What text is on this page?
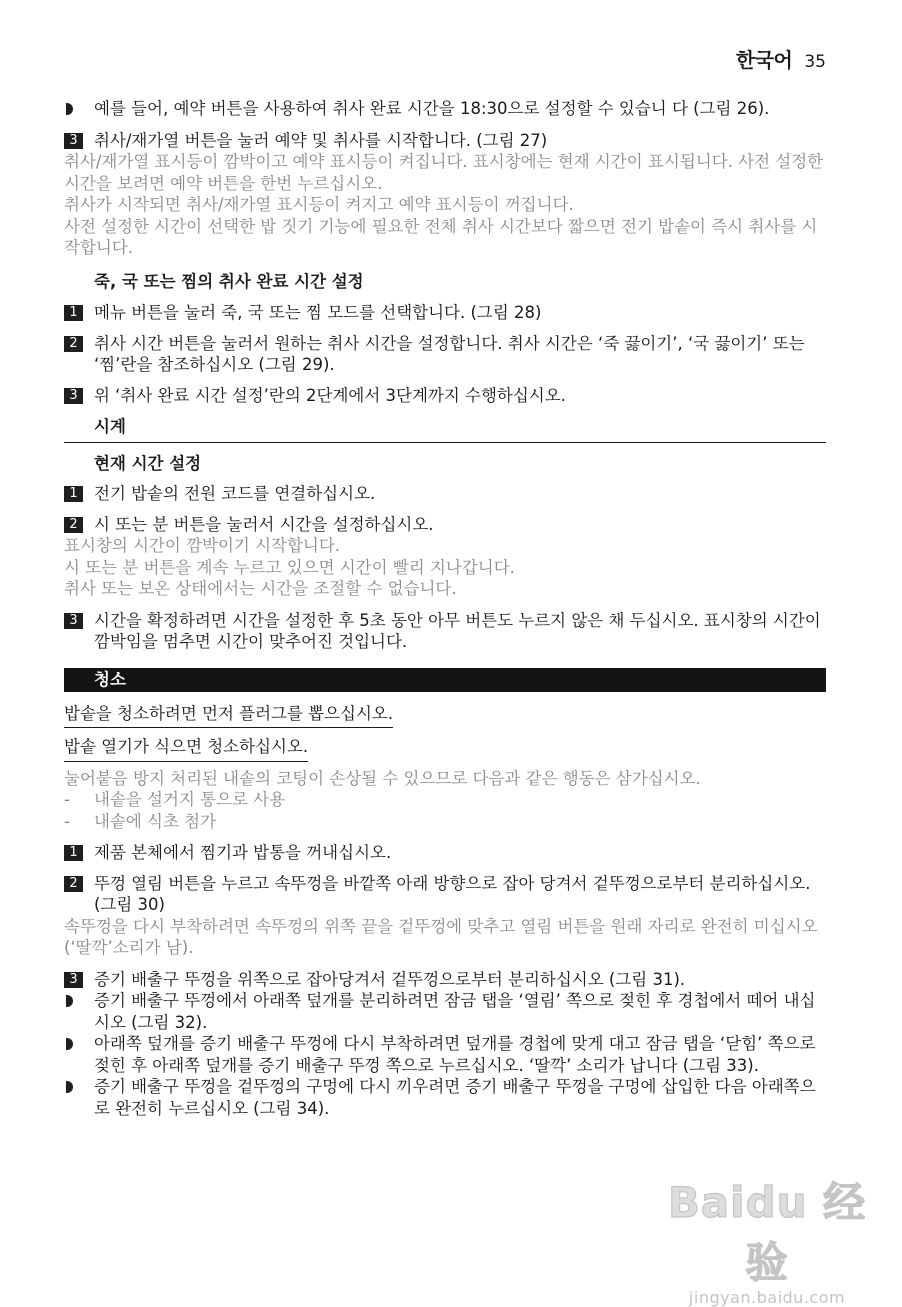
한국어 35
예를 들어, 예약 버튼을 사용하여 취사 완료 시간을 18:30으로 설정할 수 있습니 다 (그림 26).
3 취사/재가열 버튼을 눌러 예약 및 취사를 시작합니다. (그림 27)
취사/재가열 표시등이 깜박이고 예약 표시등이 켜집니다. 표시창에는 현재 시간이 표시됩니다. 사전 설정한 시간을 보려면 예약 버튼을 한번 누르십시오.
취사가 시작되면 취사/재가열 표시등이 켜지고 예약 표시등이 꺼집니다.
사전 설정한 시간이 선택한 밥 짓기 기능에 필요한 전체 취사 시간보다 짧으면 전기 밥솥이 즉시 취사를 시작합니다.
죽, 국 또는 찜의 취사 완료 시간 설정
1 메뉴 버튼을 눌러 죽, 국 또는 찜 모드를 선택합니다. (그림 28)
2 취사 시간 버튼을 눌러서 원하는 취사 시간을 설정합니다. 취사 시간은 ‘죽 끓이기’, ‘국 끓이기’ 또는 ‘찜’란을 참조하십시오 (그림 29).
3 위 ‘취사 완료 시간 설정’란의 2단계에서 3단계까지 수행하십시오.
시계
현재 시간 설정
1 전기 밥솥의 전원 코드를 연결하십시오.
2 시 또는 분 버튼을 눌러서 시간을 설정하십시오.
표시창의 시간이 깜박이기 시작합니다.
시 또는 분 버튼을 계속 누르고 있으면 시간이 빨리 지나갑니다.
취사 또는 보온 상태에서는 시간을 조절할 수 없습니다.
3 시간을 확정하려면 시간을 설정한 후 5초 동안 아무 버튼도 누르지 않은 채 두십시오. 표시창의 시간이 깜박임을 멈추면 시간이 맞추어진 것입니다.
청소
밥솥을 청소하려면 먼저 플러그를 뽑으십시오.
밥솥 열기가 식으면 청소하십시오.
눌어붙음 방지 처리된 내솥의 코팅이 손상될 수 있으므로 다음과 같은 행동은 삼가십시오.
- 내솥을 설거지 통으로 사용
- 내솥에 식초 첨가
1 제품 본체에서 찜기과 밥통을 꺼내십시오.
2 뚜껑 열림 버튼을 누르고 속뚜껑을 바깥쪽 아래 방향으로 잡아 당겨서 겉뚜껑으로부터 분리하십시오. (그림 30)
속뚜껑을 다시 부착하려면 속뚜껑의 위쪽 끝을 겉뚜껑에 맞추고 열림 버튼을 원래 자리로 완전히 미십시오(‘딸깍’소리가 남).
3 증기 배출구 뚜껑을 위쪽으로 잡아당겨서 겉뚜껑으로부터 분리하십시오 (그림 31).
증기 배출구 뚜껑에서 아래쪽 덮개를 분리하려면 잠금 탭을 ‘열림’ 쪽으로 젖힌 후 경첩에서 떼어 내십시오 (그림 32).
아래쪽 덮개를 증기 배출구 뚜껑에 다시 부착하려면 덮개를 경첩에 맞게 대고 잠금 탭을 ‘닫힘’ 쪽으로 젖힌 후 아래쪽 덮개를 증기 배출구 뚜껑 쪽으로 누르십시오. ‘딸깍’ 소리가 납니다 (그림 33).
증기 배출구 뚜껑을 겉뚜껑의 구멍에 다시 끼우려면 증기 배출구 뚜껑을 구멍에 삽입한 다음 아래쪽으로 완전히 누르십시오 (그림 34).
Baidu 经验
jingyan.baidu.com
